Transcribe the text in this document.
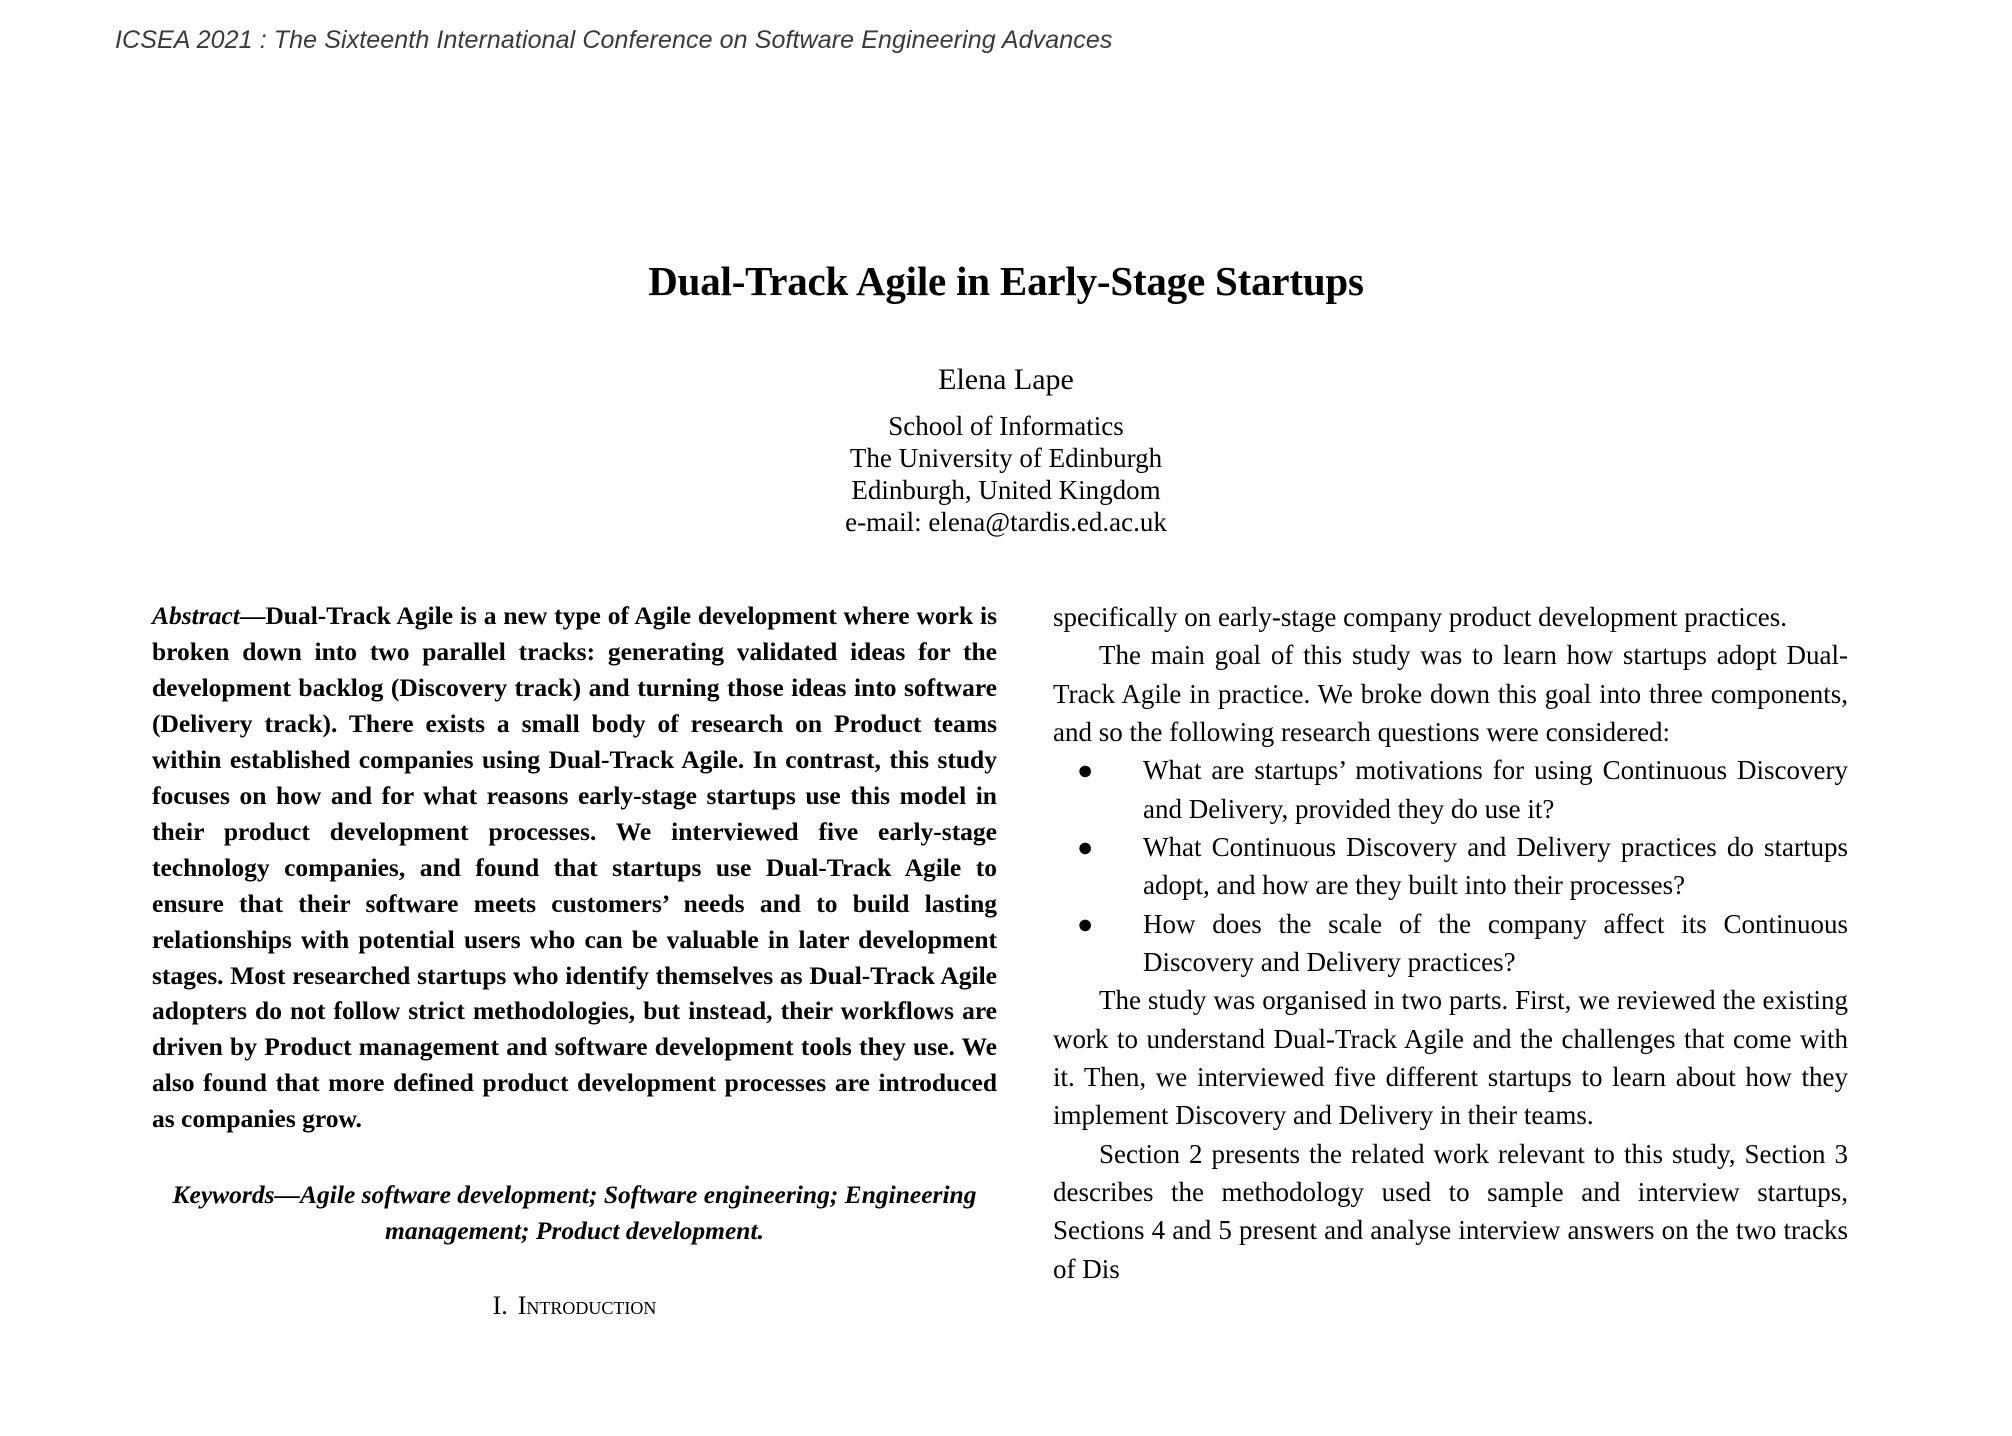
ICSEA 2021 : The Sixteenth International Conference on Software Engineering Advances
Dual-Track Agile in Early-Stage Startups
Elena Lape
School of Informatics
The University of Edinburgh
Edinburgh, United Kingdom
e-mail: elena@tardis.ed.ac.uk

Abstract—Dual-Track Agile is a new type of Agile development where work is broken down into two parallel tracks: generating validated ideas for the development backlog (Discovery track) and turning those ideas into software (Delivery track). There exists a small body of research on Product teams within established companies using Dual-Track Agile. In contrast, this study focuses on how and for what reasons early-stage startups use this model in their product development processes. We interviewed five early-stage technology companies, and found that startups use Dual-Track Agile to ensure that their software meets customers’ needs and to build lasting relationships with potential users who can be valuable in later development stages. Most researched startups who identify themselves as Dual-Track Agile adopters do not follow strict methodologies, but instead, their workflows are driven by Product management and software development tools they use. We also found that more defined product development processes are introduced as companies grow.

Keywords—Agile software development; Software engineering; Engineering management; Product development.

I. Introduction

specifically on early-stage company product development practices.

The main goal of this study was to learn how startups adopt Dual-Track Agile in practice. We broke down this goal into three components, and so the following research questions were considered:

● What are startups’ motivations for using Continuous Discovery and Delivery, provided they do use it?
● What Continuous Discovery and Delivery practices do startups adopt, and how are they built into their processes?
● How does the scale of the company affect its Continuous Discovery and Delivery practices?

The study was organised in two parts. First, we reviewed the existing work to understand Dual-Track Agile and the challenges that come with it. Then, we interviewed five different startups to learn about how they implement Discovery and Delivery in their teams.

Section 2 presents the related work relevant to this study, Section 3 describes the methodology used to sample and interview startups, Sections 4 and 5 present and analyse interview answers on the two tracks of Dis
